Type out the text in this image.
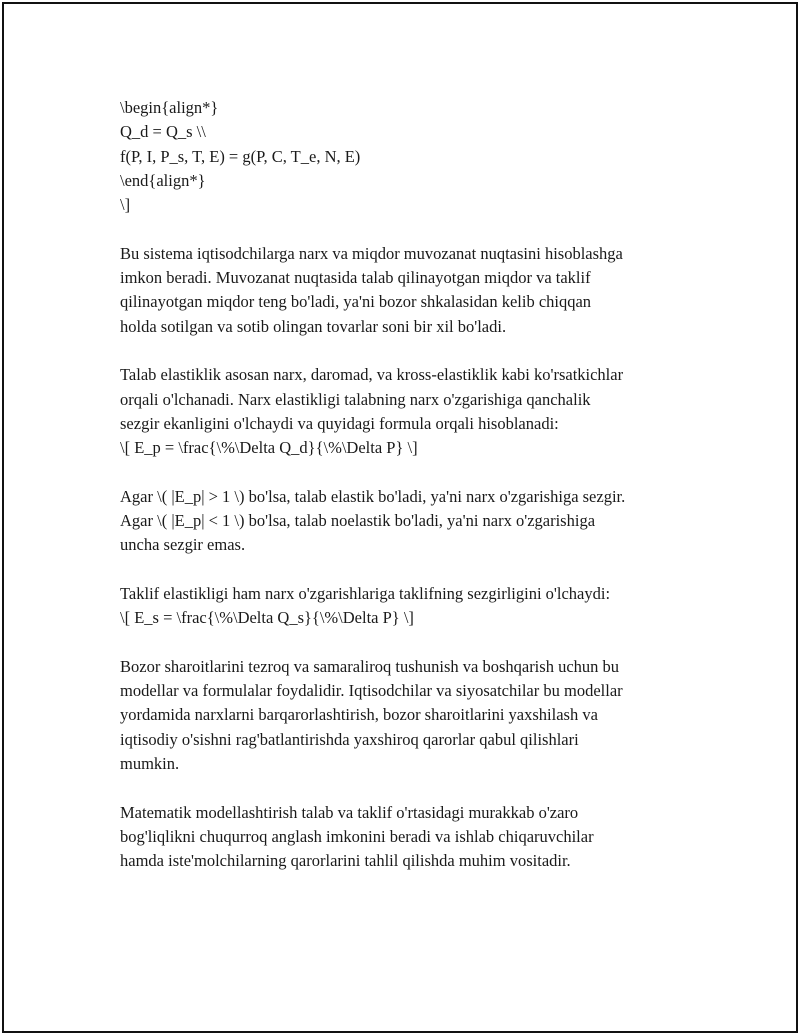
\begin{align*}
Q_d = Q_s \\
f(P, I, P_s, T, E) = g(P, C, T_e, N, E)
\end{align*}
\]
Bu sistema iqtisodchilarga narx va miqdor muvozanat nuqtasini hisoblashga
imkon beradi. Muvozanat nuqtasida talab qilinayotgan miqdor va taklif
qilinayotgan miqdor teng bo'ladi, ya'ni bozor shkalasidan kelib chiqqan
holda sotilgan va sotib olingan tovarlar soni bir xil bo'ladi.
Talab elastiklik asosan narx, daromad, va kross-elastiklik kabi ko'rsatkichlar
orqali o'lchanadi. Narx elastikligi talabning narx o'zgarishiga qanchalik
sezgir ekanligini o'lchaydi va quyidagi formula orqali hisoblanadi:
\[ E_p = \frac{\%\Delta Q_d}{\%\Delta P} \]
Agar \( |E_p| > 1 \) bo'lsa, talab elastik bo'ladi, ya'ni narx o'zgarishiga sezgir.
Agar \( |E_p| < 1 \) bo'lsa, talab noelastik bo'ladi, ya'ni narx o'zgarishiga
uncha sezgir emas.
Taklif elastikligi ham narx o'zgarishlariga taklifning sezgirligini o'lchaydi:
\[ E_s = \frac{\%\Delta Q_s}{\%\Delta P} \]
Bozor sharoitlarini tezroq va samaraliroq tushunish va boshqarish uchun bu
modellar va formulalar foydalidir. Iqtisodchilar va siyosatchilar bu modellar
yordamida narxlarni barqarorlashtirish, bozor sharoitlarini yaxshilash va
iqtisodiy o'sishni rag'batlantirishda yaxshiroq qarorlar qabul qilishlari
mumkin.
Matematik modellashtirish talab va taklif o'rtasidagi murakkab o'zaro
bog'liqlikni chuqurroq anglash imkonini beradi va ishlab chiqaruvchilar
hamda iste'molchilarning qarorlarini tahlil qilishda muhim vositadir.
